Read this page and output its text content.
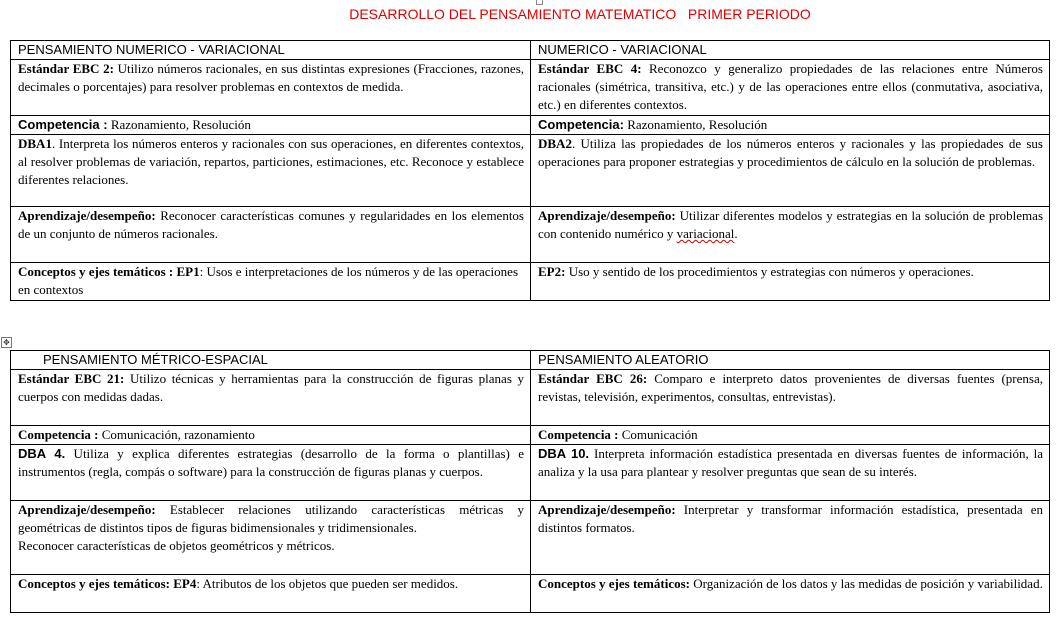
DESARROLLO DEL PENSAMIENTO MATEMATICO   PRIMER PERIODO
PENSAMIENTO NUMERICO - VARIACIONAL	NUMERICO - VARIACIONAL
Estándar EBC 2: Utilizo números racionales, en sus distintas expresiones (Fracciones, razones, decimales o porcentajes) para resolver problemas en contextos de medida.	Estándar EBC 4: Reconozco y generalizo propiedades de las relaciones entre Números racionales (simétrica, transitiva, etc.) y de las operaciones entre ellos (conmutativa, asociativa, etc.) en diferentes contextos.
Competencia : Razonamiento, Resolución	Competencia: Razonamiento, Resolución
DBA1. Interpreta los números enteros y racionales con sus operaciones, en diferentes contextos, al resolver problemas de variación, repartos, particiones, estimaciones, etc. Reconoce y establece diferentes relaciones.	DBA2. Utiliza las propiedades de los números enteros y racionales y las propiedades de sus operaciones para proponer estrategias y procedimientos de cálculo en la solución de problemas.
Aprendizaje/desempeño: Reconocer características comunes y regularidades en los elementos de un conjunto de números racionales.	Aprendizaje/desempeño: Utilizar diferentes modelos y estrategias en la solución de problemas con contenido numérico y variacional.
Conceptos y ejes temáticos : EP1: Usos e interpretaciones de los números y de las operaciones en contextos	EP2: Uso y sentido de los procedimientos y estrategias con números y operaciones.
✥
PENSAMIENTO MÉTRICO-ESPACIAL	PENSAMIENTO ALEATORIO
Estándar EBC 21: Utilizo técnicas y herramientas para la construcción de figuras planas y cuerpos con medidas dadas.	Estándar EBC 26: Comparo e interpreto datos provenientes de diversas fuentes (prensa, revistas, televisión, experimentos, consultas, entrevistas).
Competencia : Comunicación, razonamiento	Competencia : Comunicación
DBA 4. Utiliza y explica diferentes estrategias (desarrollo de la forma o plantillas) e instrumentos (regla, compás o software) para la construcción de figuras planas y cuerpos.	DBA 10. Interpreta información estadística presentada en diversas fuentes de información, la analiza y la usa para plantear y resolver preguntas que sean de su interés.
Aprendizaje/desempeño: Establecer relaciones utilizando características métricas y geométricas de distintos tipos de figuras bidimensionales y tridimensionales.
Reconocer características de objetos geométricos y métricos.	Aprendizaje/desempeño: Interpretar y transformar información estadística, presentada en distintos formatos.
Conceptos y ejes temáticos: EP4: Atributos de los objetos que pueden ser medidos.	Conceptos y ejes temáticos: Organización de los datos y las medidas de posición y variabilidad.
